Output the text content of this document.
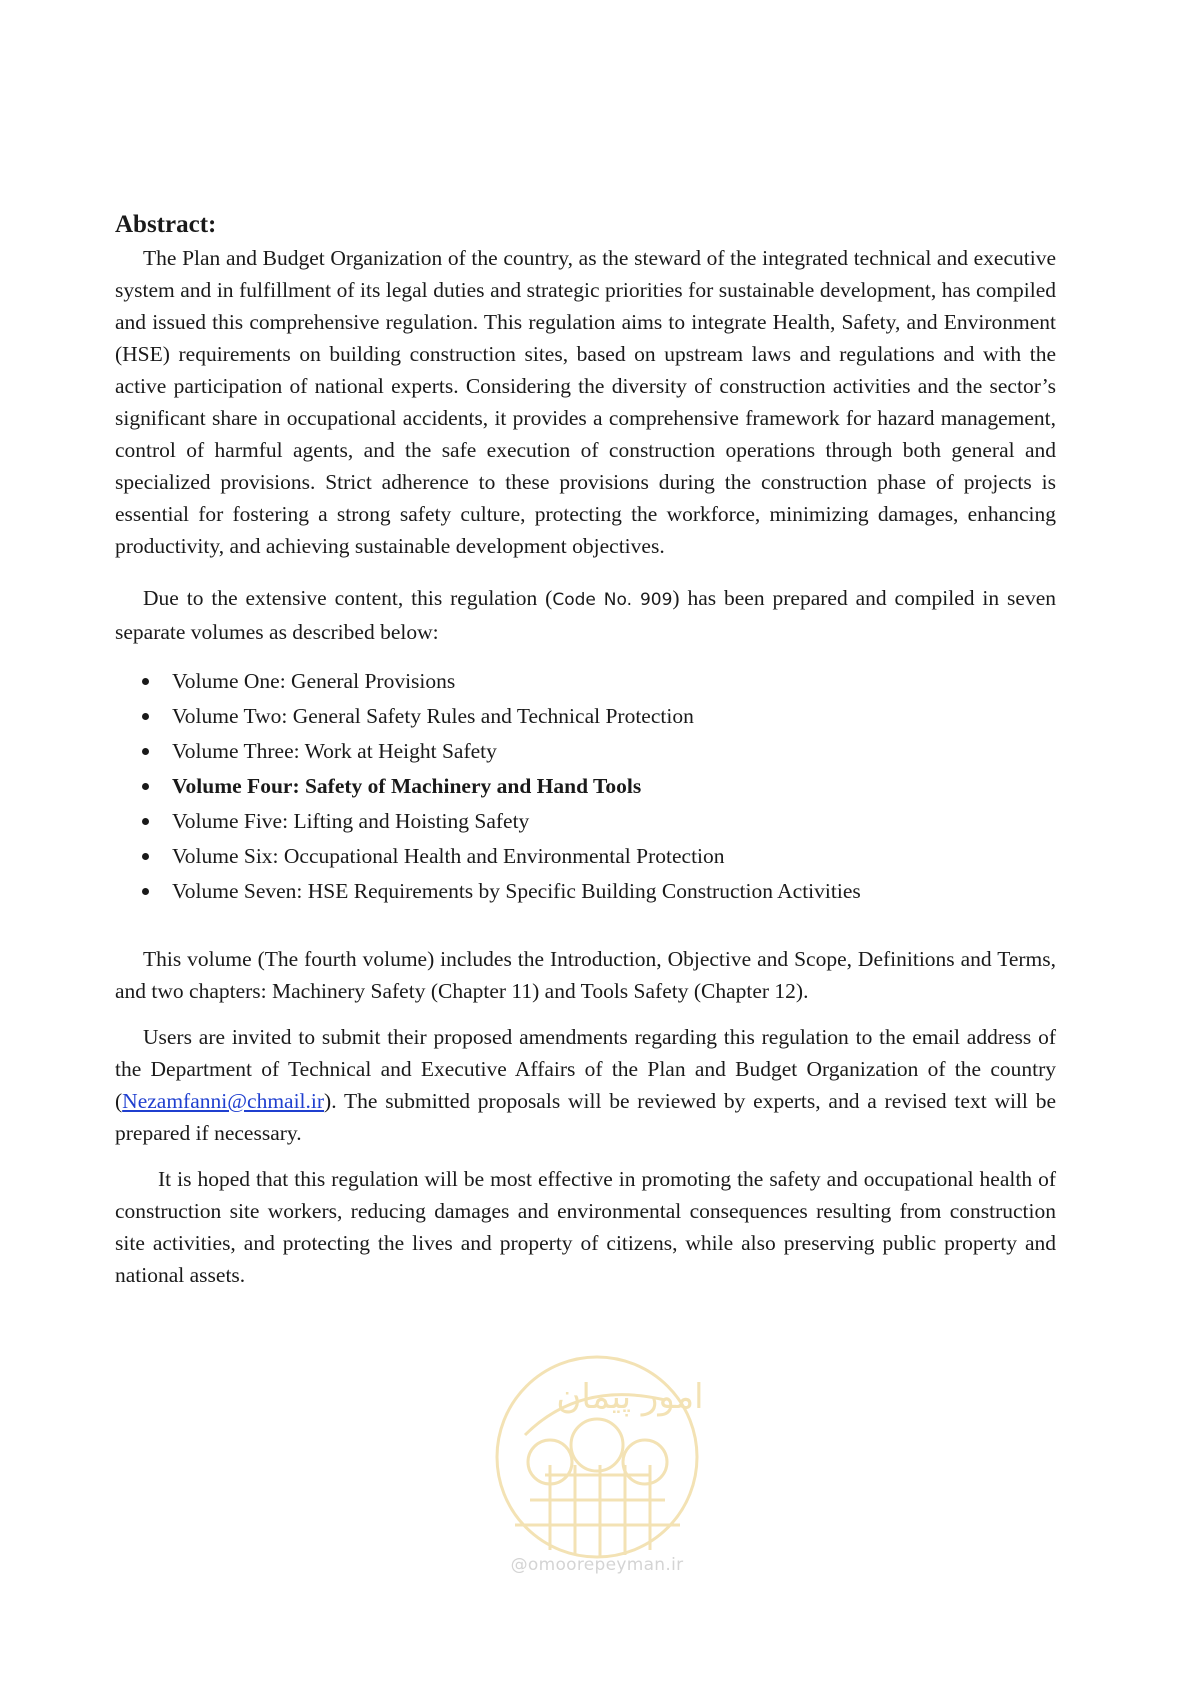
Abstract:

The Plan and Budget Organization of the country, as the steward of the integrated technical and executive system and in fulfillment of its legal duties and strategic priorities for sustainable development, has compiled and issued this comprehensive regulation. This regulation aims to integrate Health, Safety, and Environment (HSE) requirements on building construction sites, based on upstream laws and regulations and with the active participation of national experts. Considering the diversity of construction activities and the sector’s significant share in occupational accidents, it provides a comprehensive framework for hazard management, control of harmful agents, and the safe execution of construction operations through both general and specialized provisions. Strict adherence to these provisions during the construction phase of projects is essential for fostering a strong safety culture, protecting the workforce, minimizing damages, enhancing productivity, and achieving sustainable development objectives.

Due to the extensive content, this regulation (Code No. 909) has been prepared and compiled in seven separate volumes as described below:

Volume One: General Provisions
Volume Two: General Safety Rules and Technical Protection
Volume Three: Work at Height Safety
Volume Four: Safety of Machinery and Hand Tools
Volume Five: Lifting and Hoisting Safety
Volume Six: Occupational Health and Environmental Protection
Volume Seven: HSE Requirements by Specific Building Construction Activities

This volume (The fourth volume) includes the Introduction, Objective and Scope, Definitions and Terms, and two chapters: Machinery Safety (Chapter 11) and Tools Safety (Chapter 12).

Users are invited to submit their proposed amendments regarding this regulation to the email address of the Department of Technical and Executive Affairs of the Plan and Budget Organization of the country (Nezamfanni@chmail.ir). The submitted proposals will be reviewed by experts, and a revised text will be prepared if necessary.

It is hoped that this regulation will be most effective in promoting the safety and occupational health of construction site workers, reducing damages and environmental consequences resulting from construction site activities, and protecting the lives and property of citizens, while also preserving public property and national assets.

امور پیمان
@omoorepeyman.ir
